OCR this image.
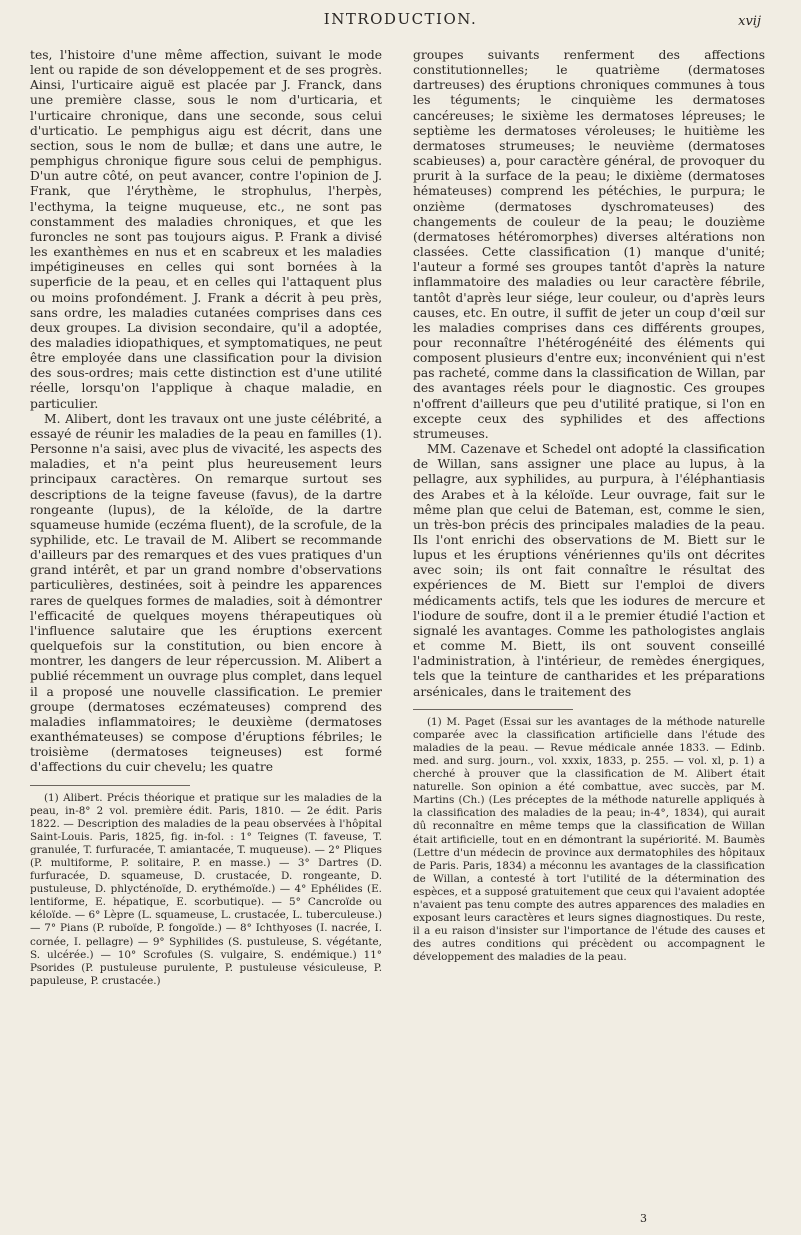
INTRODUCTION.	xvij

tes, l'histoire d'une même affection, suivant le mode lent ou rapide de son développement et de ses progrès. Ainsi, l'urticaire aiguë est placée par J. Franck, dans une première classe, sous le nom d'urticaria, et l'urticaire chronique, dans une seconde, sous celui d'urticatio. Le pemphigus aigu est décrit, dans une section, sous le nom de bullæ; et dans une autre, le pemphigus chronique figure sous celui de pemphigus. D'un autre côté, on peut avancer, contre l'opinion de J. Frank, que l'érythème, le strophulus, l'herpès, l'ecthyma, la teigne muqueuse, etc., ne sont pas constamment des maladies chroniques, et que les furoncles ne sont pas toujours aigus. P. Frank a divisé les exanthèmes en nus et en scabreux et les maladies impétigineuses en celles qui sont bornées à la superficie de la peau, et en celles qui l'attaquent plus ou moins profondément. J. Frank a décrit à peu près, sans ordre, les maladies cutanées comprises dans ces deux groupes. La division secondaire, qu'il a adoptée, des maladies idiopathiques, et symptomatiques, ne peut être employée dans une classification pour la division des sous-ordres; mais cette distinction est d'une utilité réelle, lorsqu'on l'applique à chaque maladie, en particulier.

M. Alibert, dont les travaux ont une juste célébrité, a essayé de réunir les maladies de la peau en familles (1). Personne n'a saisi, avec plus de vivacité, les aspects des maladies, et n'a peint plus heureusement leurs principaux caractères. On remarque surtout ses descriptions de la teigne faveuse (favus), de la dartre rongeante (lupus), de la kéloïde, de la dartre squameuse humide (eczéma fluent), de la scrofule, de la syphilide, etc. Le travail de M. Alibert se recommande d'ailleurs par des remarques et des vues pratiques d'un grand intérêt, et par un grand nombre d'observations particulières, destinées, soit à peindre les apparences rares de quelques formes de maladies, soit à démontrer l'efficacité de quelques moyens thérapeutiques où l'influence salutaire que les éruptions exercent quelquefois sur la constitution, ou bien encore à montrer, les dangers de leur répercussion. M. Alibert a publié récemment un ouvrage plus complet, dans lequel il a proposé une nouvelle classification. Le premier groupe (dermatoses eczémateuses) comprend des maladies inflammatoires; le deuxième (dermatoses exanthémateuses) se compose d'éruptions fébriles; le troisième (dermatoses teigneuses) est formé d'affections du cuir chevelu; les quatre

(1) Alibert. Précis théorique et pratique sur les maladies de la peau, in-8° 2 vol. première édit. Paris, 1810. — 2e édit. Paris 1822. — Description des maladies de la peau observées à l'hôpital Saint-Louis. Paris, 1825, fig. in-fol. : 1° Teignes (T. faveuse, T. granulée, T. furfuracée, T. amiantacée, T. muqueuse). — 2° Pliques (P. multiforme, P. solitaire, P. en masse.) — 3° Dartres (D. furfuracée, D. squameuse, D. crustacée, D. rongeante, D. pustuleuse, D. phlycténoïde, D. erythémoïde.) — 4° Ephélides (E. lentiforme, E. hépatique, E. scorbutique). — 5° Cancroïde ou kéloïde. — 6° Lèpre (L. squameuse, L. crustacée, L. tuberculeuse.) — 7° Pians (P. ruboïde, P. fongoïde.) — 8° Ichthyoses (I. nacrée, I. cornée, I. pellagre) — 9° Syphilides (S. pustuleuse, S. végétante, S. ulcérée.) — 10° Scrofules (S. vulgaire, S. endémique.) 11° Psorides (P. pustuleuse purulente, P. pustuleuse vésiculeuse, P. papuleuse, P. crustacée.)

groupes suivants renferment des affections constitutionnelles; le quatrième (dermatoses dartreuses) des éruptions chroniques communes à tous les téguments; le cinquième les dermatoses cancéreuses; le sixième les dermatoses lépreuses; le septième les dermatoses véroleuses; le huitième les dermatoses strumeuses; le neuvième (dermatoses scabieuses) a, pour caractère général, de provoquer du prurit à la surface de la peau; le dixième (dermatoses hémateuses) comprend les pétéchies, le purpura; le onzième (dermatoses dyschromateuses) des changements de couleur de la peau; le douzième (dermatoses hétéromorphes) diverses altérations non classées. Cette classification (1) manque d'unité; l'auteur a formé ses groupes tantôt d'après la nature inflammatoire des maladies ou leur caractère fébrile, tantôt d'après leur siége, leur couleur, ou d'après leurs causes, etc. En outre, il suffit de jeter un coup d'œil sur les maladies comprises dans ces différents groupes, pour reconnaître l'hétérogénéité des éléments qui composent plusieurs d'entre eux; inconvénient qui n'est pas racheté, comme dans la classification de Willan, par des avantages réels pour le diagnostic. Ces groupes n'offrent d'ailleurs que peu d'utilité pratique, si l'on en excepte ceux des syphilides et des affections strumeuses.

MM. Cazenave et Schedel ont adopté la classification de Willan, sans assigner une place au lupus, à la pellagre, aux syphilides, au purpura, à l'éléphantiasis des Arabes et à la kéloïde. Leur ouvrage, fait sur le même plan que celui de Bateman, est, comme le sien, un très-bon précis des principales maladies de la peau. Ils l'ont enrichi des observations de M. Biett sur le lupus et les éruptions vénériennes qu'ils ont décrites avec soin; ils ont fait connaître le résultat des expériences de M. Biett sur l'emploi de divers médicaments actifs, tels que les iodures de mercure et l'iodure de soufre, dont il a le premier étudié l'action et signalé les avantages. Comme les pathologistes anglais et comme M. Biett, ils ont souvent conseillé l'administration, à l'intérieur, de remèdes énergiques, tels que la teinture de cantharides et les préparations arsénicales, dans le traitement des

(1) M. Paget (Essai sur les avantages de la méthode naturelle comparée avec la classification artificielle dans l'étude des maladies de la peau. — Revue médicale année 1833. — Edinb. med. and surg. journ., vol. xxxix, 1833, p. 255. — vol. xl, p. 1) a cherché à prouver que la classification de M. Alibert était naturelle. Son opinion a été combattue, avec succès, par M. Martins (Ch.) (Les préceptes de la méthode naturelle appliqués à la classification des maladies de la peau; in-4°, 1834), qui aurait dû reconnaître en même temps que la classification de Willan était artificielle, tout en en démontrant la supériorité. M. Baumès (Lettre d'un médecin de province aux dermatophiles des hôpitaux de Paris. Paris, 1834) a méconnu les avantages de la classification de Willan, a contesté à tort l'utilité de la détermination des espèces, et a supposé gratuitement que ceux qui l'avaient adoptée n'avaient pas tenu compte des autres apparences des maladies en exposant leurs caractères et leurs signes diagnostiques. Du reste, il a eu raison d'insister sur l'importance de l'étude des causes et des autres conditions qui précèdent ou accompagnent le développement des maladies de la peau.

3
